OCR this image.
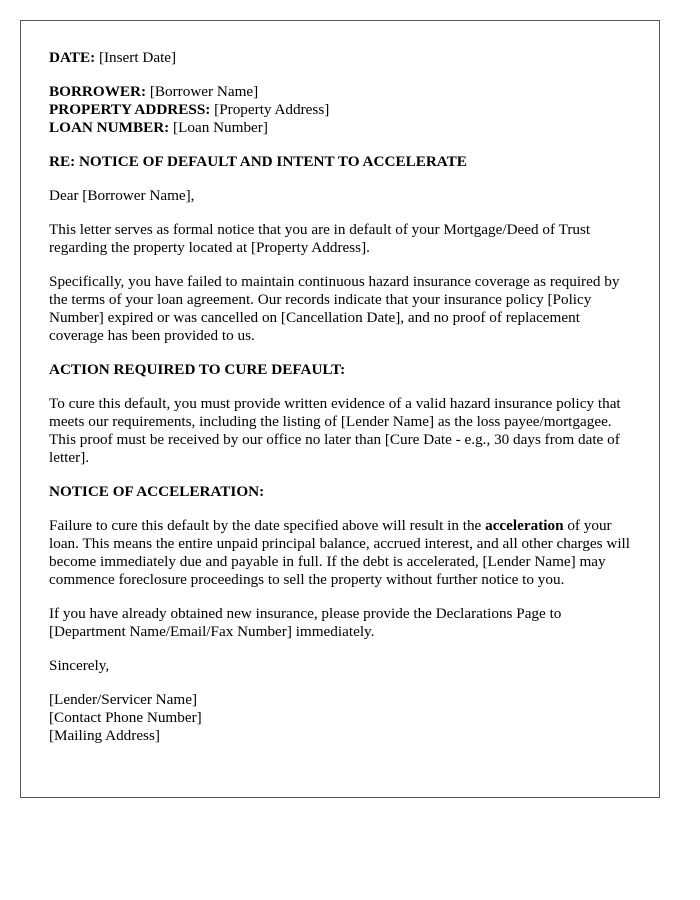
DATE: [Insert Date]
BORROWER: [Borrower Name]
PROPERTY ADDRESS: [Property Address]
LOAN NUMBER: [Loan Number]

RE: NOTICE OF DEFAULT AND INTENT TO ACCELERATE

Dear [Borrower Name],

This letter serves as formal notice that you are in default of your Mortgage/Deed of Trust regarding the property located at [Property Address].

Specifically, you have failed to maintain continuous hazard insurance coverage as required by the terms of your loan agreement. Our records indicate that your insurance policy [Policy Number] expired or was cancelled on [Cancellation Date], and no proof of replacement coverage has been provided to us.

ACTION REQUIRED TO CURE DEFAULT:

To cure this default, you must provide written evidence of a valid hazard insurance policy that meets our requirements, including the listing of [Lender Name] as the loss payee/mortgagee. This proof must be received by our office no later than [Cure Date - e.g., 30 days from date of letter].

NOTICE OF ACCELERATION:

Failure to cure this default by the date specified above will result in the acceleration of your loan. This means the entire unpaid principal balance, accrued interest, and all other charges will become immediately due and payable in full. If the debt is accelerated, [Lender Name] may commence foreclosure proceedings to sell the property without further notice to you.

If you have already obtained new insurance, please provide the Declarations Page to [Department Name/Email/Fax Number] immediately.

Sincerely,

[Lender/Servicer Name]
[Contact Phone Number]
[Mailing Address]
